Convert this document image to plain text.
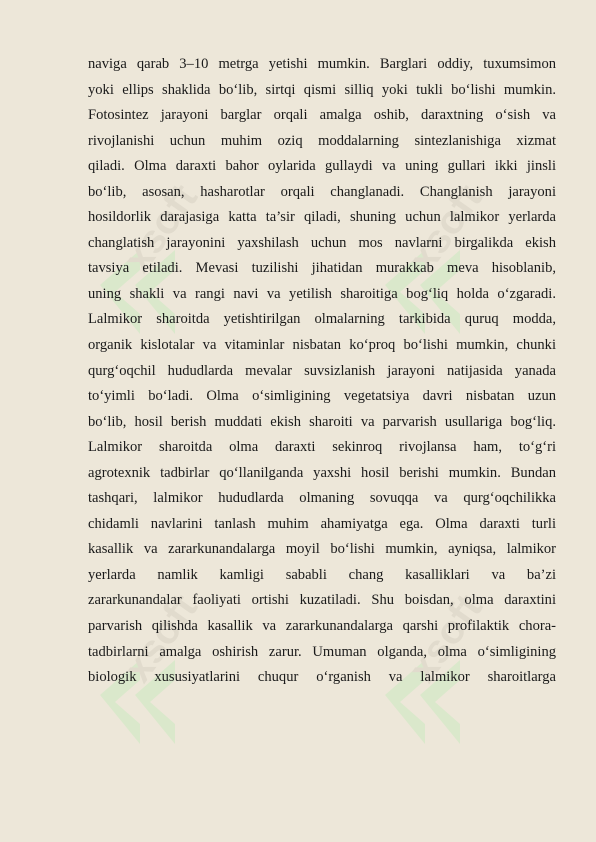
xsoft	xsoft
xsoft	xsoft
naviga qarab 3–10 metrga yetishi mumkin. Barglari oddiy, tuxumsimon
yoki ellips shaklida bo‘lib, sirtqi qismi silliq yoki tukli bo‘lishi mumkin.
Fotosintez jarayoni barglar orqali amalga oshib, daraxtning o‘sish va
rivojlanishi uchun muhim oziq moddalarning sintezlanishiga xizmat
qiladi. Olma daraxti bahor oylarida gullaydi va uning gullari ikki jinsli
bo‘lib, asosan, hasharotlar orqali changlanadi. Changlanish jarayoni
hosildorlik darajasiga katta ta’sir qiladi, shuning uchun lalmikor yerlarda
changlatish jarayonini yaxshilash uchun mos navlarni birgalikda ekish
tavsiya etiladi. Mevasi tuzilishi jihatidan murakkab meva hisoblanib,
uning shakli va rangi navi va yetilish sharoitiga bog‘liq holda o‘zgaradi.
Lalmikor sharoitda yetishtirilgan olmalarning tarkibida quruq modda,
organik kislotalar va vitaminlar nisbatan ko‘proq bo‘lishi mumkin, chunki
qurg‘oqchil hududlarda mevalar suvsizlanish jarayoni natijasida yanada
to‘yimli bo‘ladi. Olma o‘simligining vegetatsiya davri nisbatan uzun
bo‘lib, hosil berish muddati ekish sharoiti va parvarish usullariga bog‘liq.
Lalmikor sharoitda olma daraxti sekinroq rivojlansa ham, to‘g‘ri
agrotexnik tadbirlar qo‘llanilganda yaxshi hosil berishi mumkin. Bundan
tashqari, lalmikor hududlarda olmaning sovuqqa va qurg‘oqchilikka
chidamli navlarini tanlash muhim ahamiyatga ega. Olma daraxti turli
kasallik va zararkunandalarga moyil bo‘lishi mumkin, ayniqsa, lalmikor
yerlarda namlik kamligi sababli chang kasalliklari va ba’zi
zararkunandalar faoliyati ortishi kuzatiladi. Shu boisdan, olma daraxtini
parvarish qilishda kasallik va zararkunandalarga qarshi profilaktik chora-
tadbirlarni amalga oshirish zarur. Umuman olganda, olma o‘simligining
biologik xususiyatlarini chuqur o‘rganish va lalmikor sharoitlarga
